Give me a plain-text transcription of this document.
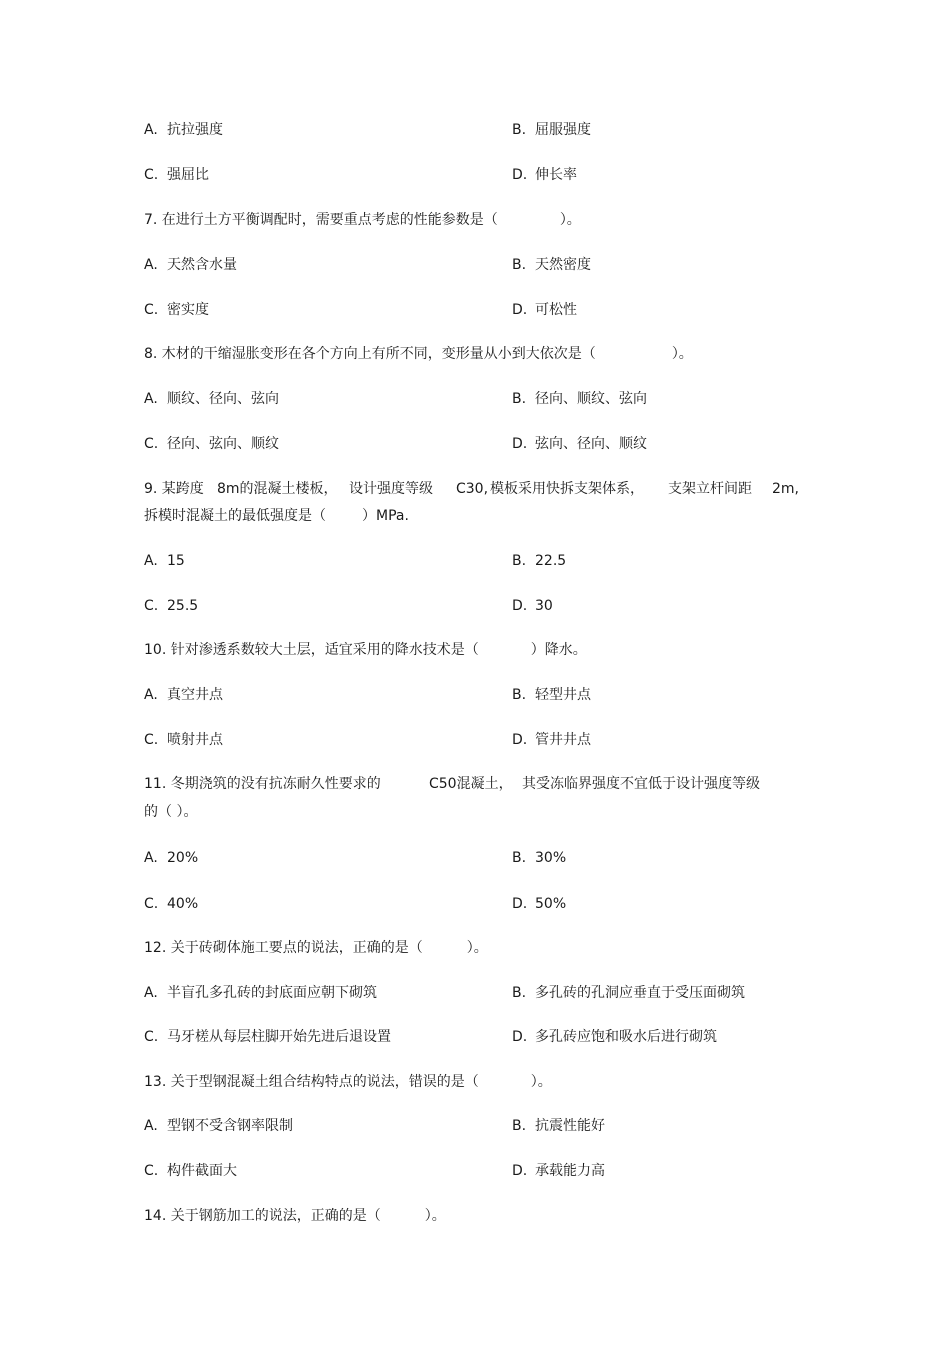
A. 抗拉强度	B. 屈服强度
C. 强屈比	D. 伸长率
7. 在进行土方平衡调配时，需要重点考虑的性能参数是（	）。
A. 天然含水量	B. 天然密度
C. 密实度	D. 可松性
8. 木材的干缩湿胀变形在各个方向上有所不同，变形量从小到大依次是（	）。
A. 顺纹、径向、弦向	B. 径向、顺纹、弦向
C. 径向、弦向、顺纹	D. 弦向、径向、顺纹
9. 某跨度 8m的混凝土楼板， 设计强度等级 C30, 模板采用快拆支架体系， 支架立杆间距 2m,
拆模时混凝土的最低强度是（	）MPa.
A. 15	B. 22.5
C. 25.5	D. 30
10. 针对渗透系数较大土层，适宜采用的降水技术是（	）降水。
A. 真空井点	B. 轻型井点
C. 喷射井点	D. 管井井点
11. 冬期浇筑的没有抗冻耐久性要求的	C50混凝土， 其受冻临界强度不宜低于设计强度等级
的（ ）。
A. 20%	B. 30%
C. 40%	D. 50%
12. 关于砖砌体施工要点的说法，正确的是（	）。
A. 半盲孔多孔砖的封底面应朝下砌筑	B. 多孔砖的孔洞应垂直于受压面砌筑
C. 马牙槎从每层柱脚开始先进后退设置	D. 多孔砖应饱和吸水后进行砌筑
13. 关于型钢混凝土组合结构特点的说法，错误的是（	）。
A. 型钢不受含钢率限制	B. 抗震性能好
C. 构件截面大	D. 承载能力高
14. 关于钢筋加工的说法，正确的是（	）。
